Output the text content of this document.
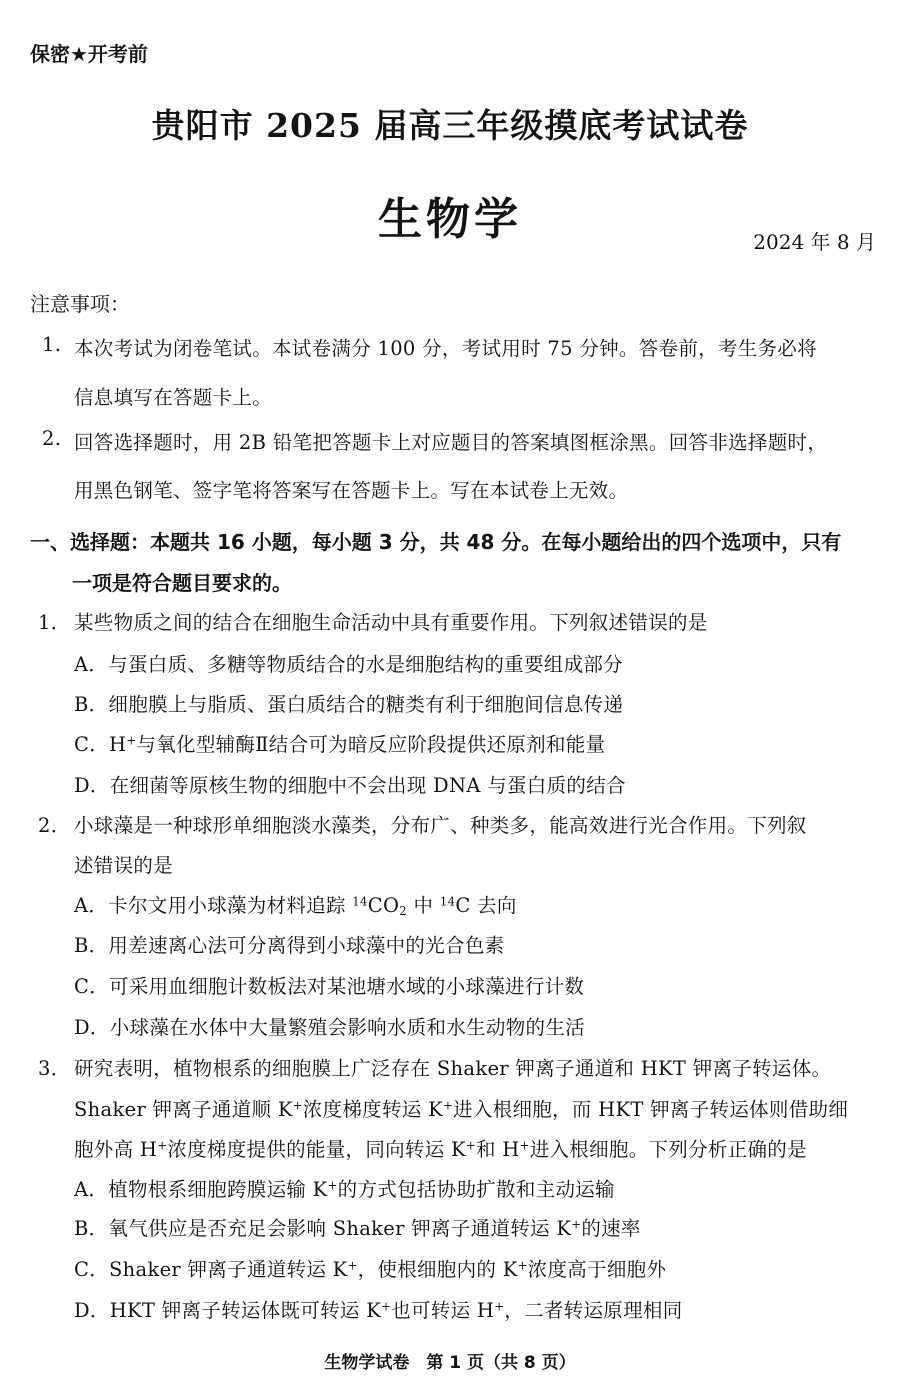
保密★开考前
贵阳市 2025 届高三年级摸底考试试卷
生物学	2024 年 8 月
注意事项：
1. 本次考试为闭卷笔试。本试卷满分 100 分，考试用时 75 分钟。答卷前，考生务必将
信息填写在答题卡上。
2. 回答选择题时，用 2B 铅笔把答题卡上对应题目的答案填图框涂黑。回答非选择题时，
用黑色钢笔、签字笔将答案写在答题卡上。写在本试卷上无效。
一、选择题：本题共 16 小题，每小题 3 分，共 48 分。在每小题给出的四个选项中，只有
一项是符合题目要求的。
1． 某些物质之间的结合在细胞生命活动中具有重要作用。下列叙述错误的是
A．与蛋白质、多糖等物质结合的水是细胞结构的重要组成部分
B．细胞膜上与脂质、蛋白质结合的糖类有利于细胞间信息传递
C．H+与氧化型辅酶Ⅱ结合可为暗反应阶段提供还原剂和能量
D．在细菌等原核生物的细胞中不会出现 DNA 与蛋白质的结合
2． 小球藻是一种球形单细胞淡水藻类，分布广、种类多，能高效进行光合作用。下列叙
述错误的是
A．卡尔文用小球藻为材料追踪 $^{14}CO_2$ 中 $^{14}$C 去向
B．用差速离心法可分离得到小球藻中的光合色素
C．可采用血细胞计数板法对某池塘水域的小球藻进行计数
D．小球藻在水体中大量繁殖会影响水质和水生动物的生活
3． 研究表明，植物根系的细胞膜上广泛存在 Shaker 钾离子通道和 HKT 钾离子转运体。
Shaker 钾离子通道顺 K+浓度梯度转运 K+进入根细胞，而 HKT 钾离子转运体则借助细
胞外高 H+浓度梯度提供的能量，同向转运 K+和 H+进入根细胞。下列分析正确的是
A．植物根系细胞跨膜运输 K+的方式包括协助扩散和主动运输
B．氧气供应是否充足会影响 Shaker 钾离子通道转运 K+的速率
C．Shaker 钾离子通道转运 K+，使根细胞内的 K+浓度高于细胞外
D．HKT 钾离子转运体既可转运 K+也可转运 H+，二者转运原理相同
生物学试卷　第 1 页（共 8 页）
